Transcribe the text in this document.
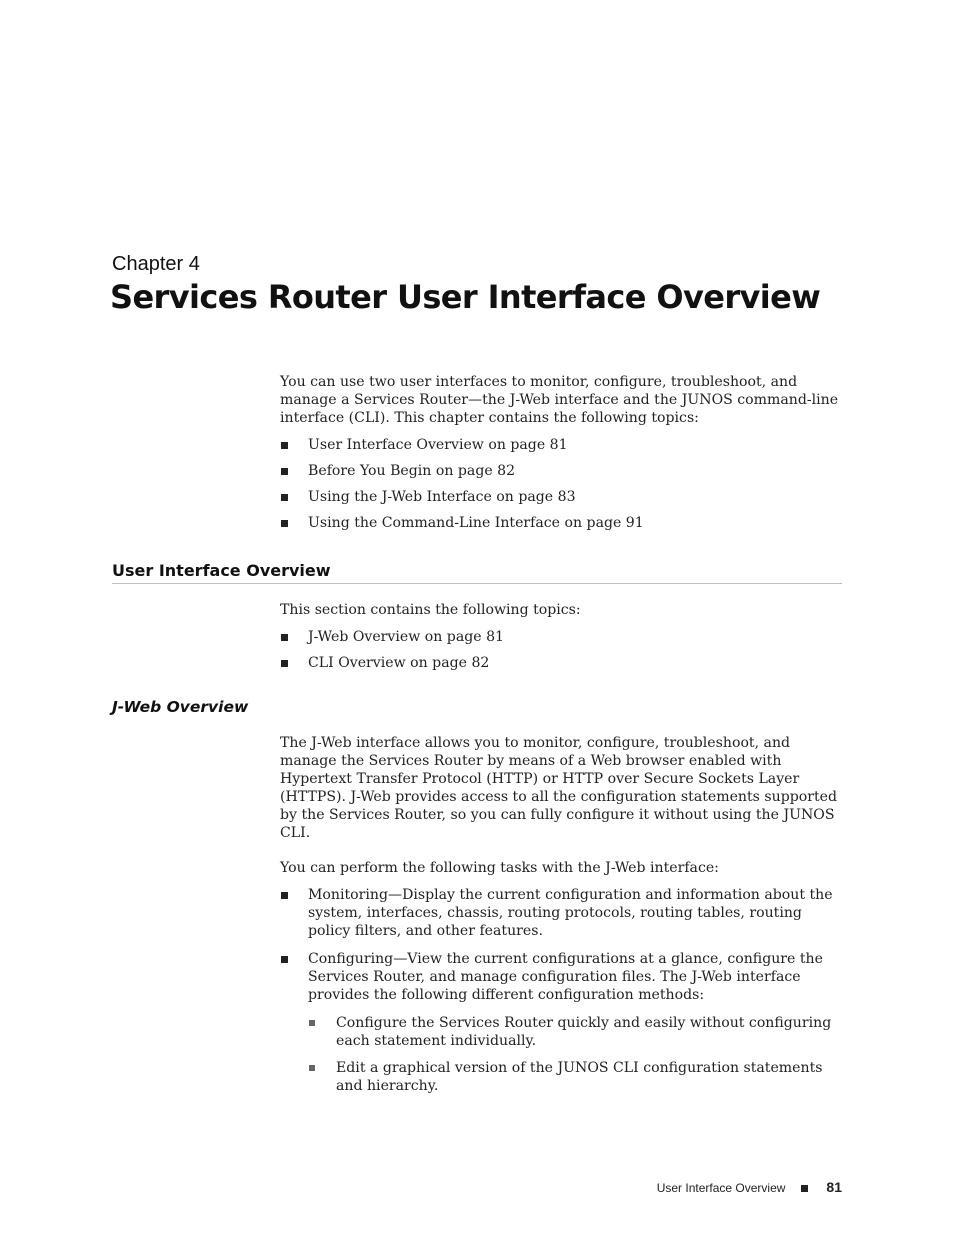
Chapter 4
Services Router User Interface Overview

You can use two user interfaces to monitor, configure, troubleshoot, and manage a Services Router—the J-Web interface and the JUNOS command-line interface (CLI). This chapter contains the following topics:

User Interface Overview on page 81
Before You Begin on page 82
Using the J-Web Interface on page 83
Using the Command-Line Interface on page 91
User Interface Overview

This section contains the following topics:

J-Web Overview on page 81
CLI Overview on page 82
J-Web Overview

The J-Web interface allows you to monitor, configure, troubleshoot, and manage the Services Router by means of a Web browser enabled with Hypertext Transfer Protocol (HTTP) or HTTP over Secure Sockets Layer (HTTPS). J-Web provides access to all the configuration statements supported by the Services Router, so you can fully configure it without using the JUNOS CLI.

You can perform the following tasks with the J-Web interface:

Monitoring—Display the current configuration and information about the system, interfaces, chassis, routing protocols, routing tables, routing policy filters, and other features.
Configuring—View the current configurations at a glance, configure the Services Router, and manage configuration files. The J-Web interface provides the following different configuration methods:
Configure the Services Router quickly and easily without configuring each statement individually.
Edit a graphical version of the JUNOS CLI configuration statements and hierarchy.
User Interface Overview	81
